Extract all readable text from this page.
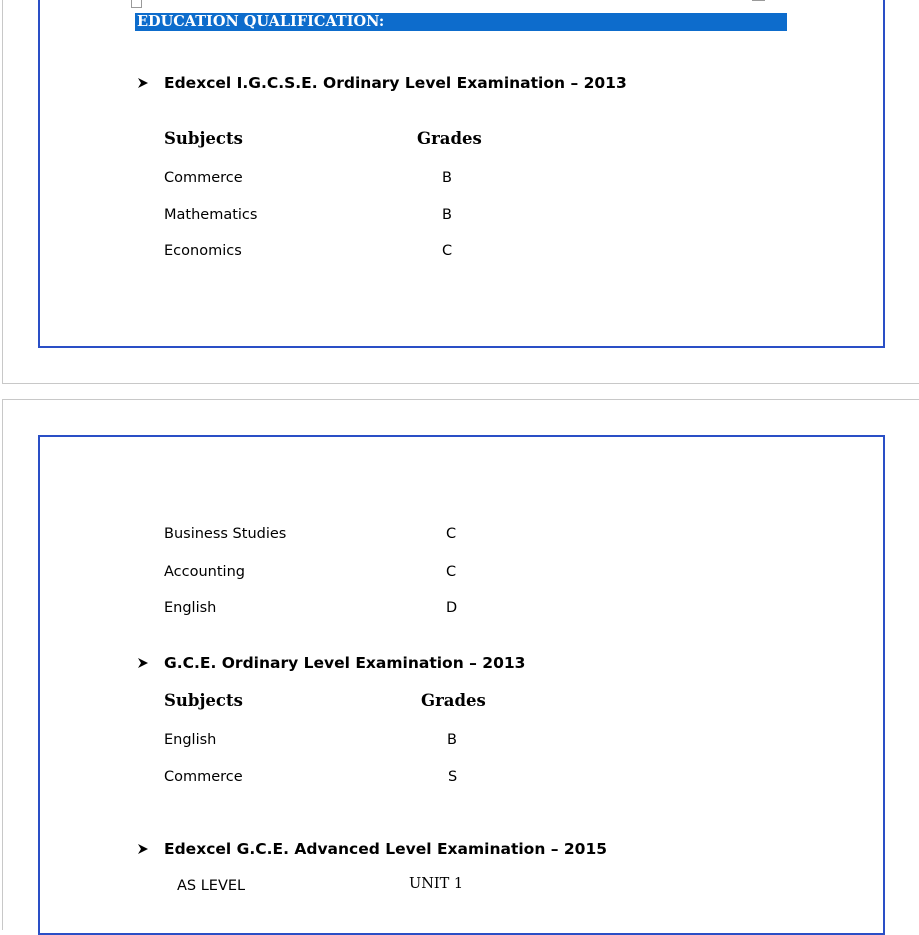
EDUCATION QUALIFICATION:
Edexcel I.G.C.S.E. Ordinary Level Examination – 2013
Subjects	Grades
Commerce	B
Mathematics	B
Economics	C
Business Studies	C
Accounting	C
English	D
G.C.E. Ordinary Level Examination – 2013
Subjects	Grades
English	B
Commerce	S
Edexcel G.C.E. Advanced Level Examination – 2015
AS LEVEL	UNIT 1
